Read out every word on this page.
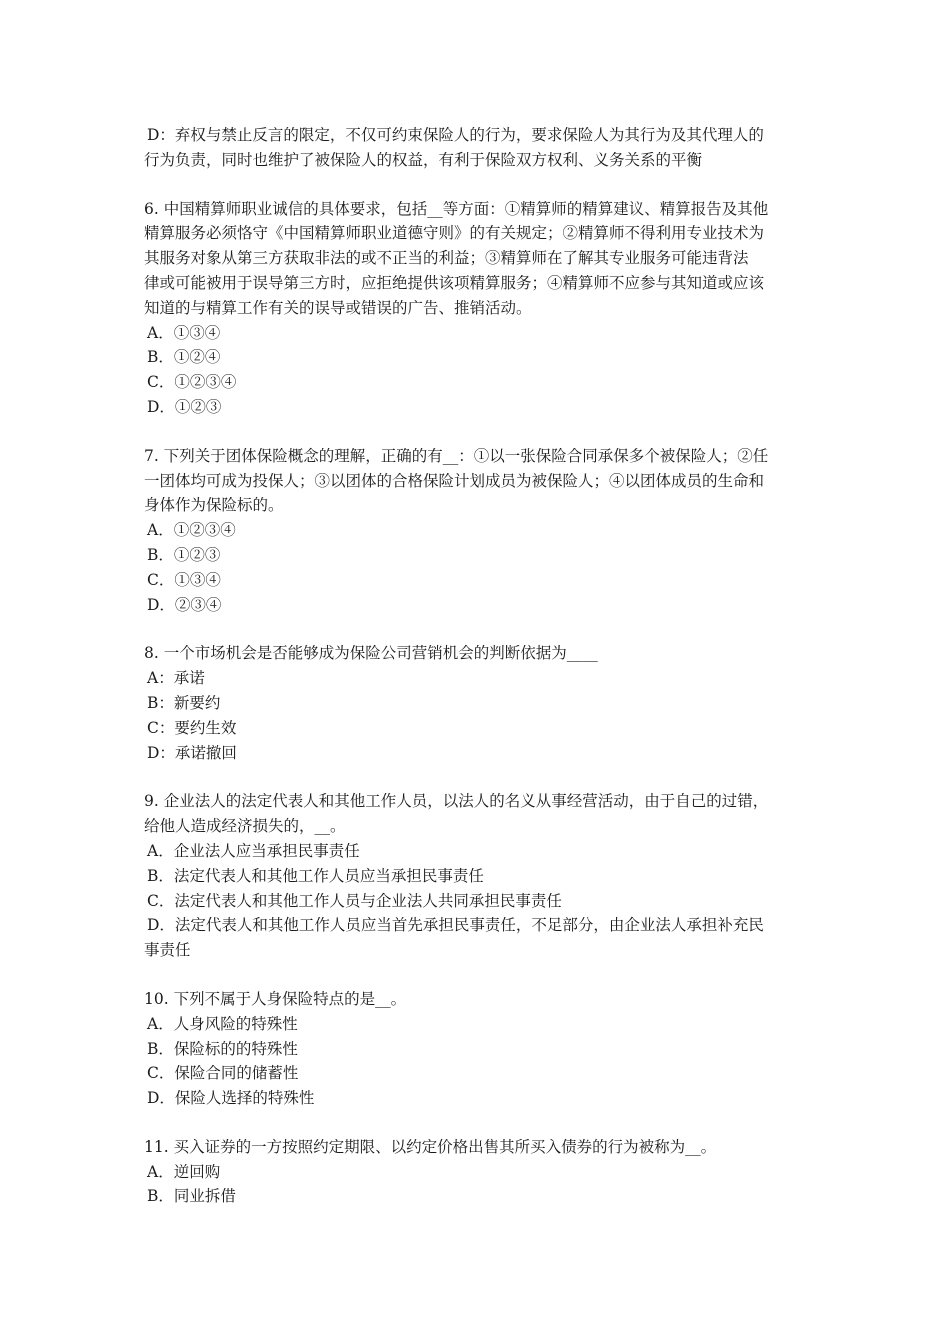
D：弃权与禁止反言的限定，不仅可约束保险人的行为，要求保险人为其行为及其代理人的
行为负责，同时也维护了被保险人的权益，有利于保险双方权利、义务关系的平衡
6. 中国精算师职业诚信的具体要求，包括__等方面：①精算师的精算建议、精算报告及其他
精算服务必须恪守《中国精算师职业道德守则》的有关规定；②精算师不得利用专业技术为
其服务对象从第三方获取非法的或不正当的利益；③精算师在了解其专业服务可能违背法
律或可能被用于误导第三方时，应拒绝提供该项精算服务；④精算师不应参与其知道或应该
知道的与精算工作有关的误导或错误的广告、推销活动。
A．①③④
B．①②④
C．①②③④
D．①②③
7. 下列关于团体保险概念的理解，正确的有__：①以一张保险合同承保多个被保险人；②任
一团体均可成为投保人；③以团体的合格保险计划成员为被保险人；④以团体成员的生命和
身体作为保险标的。
A．①②③④
B．①②③
C．①③④
D．②③④
8. 一个市场机会是否能够成为保险公司营销机会的判断依据为____
A：承诺
B：新要约
C：要约生效
D：承诺撤回
9. 企业法人的法定代表人和其他工作人员，以法人的名义从事经营活动，由于自己的过错，
给他人造成经济损失的，__。
A．企业法人应当承担民事责任
B．法定代表人和其他工作人员应当承担民事责任
C．法定代表人和其他工作人员与企业法人共同承担民事责任
D．法定代表人和其他工作人员应当首先承担民事责任，不足部分，由企业法人承担补充民
事责任
10. 下列不属于人身保险特点的是__。
A．人身风险的特殊性
B．保险标的的特殊性
C．保险合同的储蓄性
D．保险人选择的特殊性
11. 买入证券的一方按照约定期限、以约定价格出售其所买入债券的行为被称为__。
A．逆回购
B．同业拆借
